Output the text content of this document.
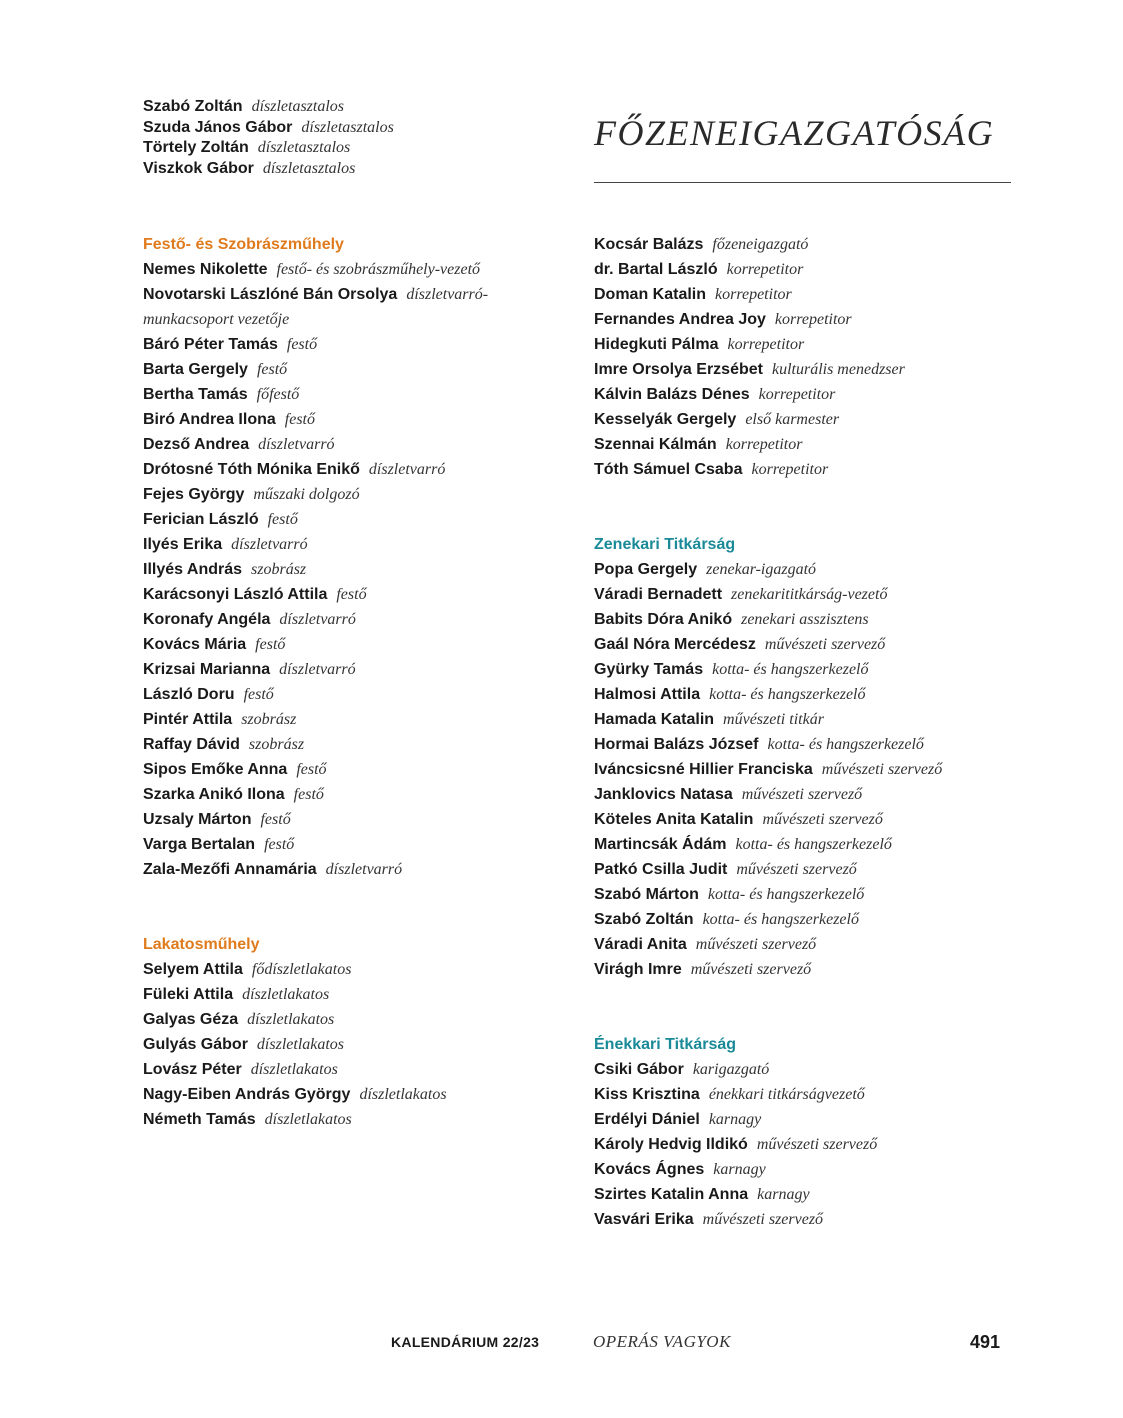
Szabó Zoltán díszletasztalos
Szuda János Gábor díszletasztalos
Törtely Zoltán díszletasztalos
Viszkok Gábor díszletasztalos
Festő- és Szobrászműhely
Nemes Nikolette festő- és szobrászműhely-vezető
Novotarski Lászlóné Bán Orsolya díszletvarró-munkacsoport vezetője
Báró Péter Tamás festő
Barta Gergely festő
Bertha Tamás főfestő
Biró Andrea Ilona festő
Dezső Andrea díszletvarró
Drótosné Tóth Mónika Enikő díszletvarró
Fejes György műszaki dolgozó
Ferician László festő
Ilyés Erika díszletvarró
Illyés András szobrász
Karácsonyi László Attila festő
Koronafy Angéla díszletvarró
Kovács Mária festő
Krizsai Marianna díszletvarró
László Doru festő
Pintér Attila szobrász
Raffay Dávid szobrász
Sipos Emőke Anna festő
Szarka Anikó Ilona festő
Uzsaly Márton festő
Varga Bertalan festő
Zala-Mezőfi Annamária díszletvarró
Lakatosműhely
Selyem Attila fődíszletlakatos
Füleki Attila díszletlakatos
Galyas Géza díszletlakatos
Gulyás Gábor díszletlakatos
Lovász Péter díszletlakatos
Nagy-Eiben András György díszletlakatos
Németh Tamás díszletlakatos
FŐZENEIGAZGATÓSÁG
Kocsár Balázs főzeneigazgató
dr. Bartal László korrepetitor
Doman Katalin korrepetitor
Fernandes Andrea Joy korrepetitor
Hidegkuti Pálma korrepetitor
Imre Orsolya Erzsébet kulturális menedzser
Kálvin Balázs Dénes korrepetitor
Kesselyák Gergely első karmester
Szennai Kálmán korrepetitor
Tóth Sámuel Csaba korrepetitor
Zenekari Titkárság
Popa Gergely zenekar-igazgató
Váradi Bernadett zenekarititkárság-vezető
Babits Dóra Anikó zenekari asszisztens
Gaál Nóra Mercédesz művészeti szervező
Gyürky Tamás kotta- és hangszerkezelő
Halmosi Attila kotta- és hangszerkezelő
Hamada Katalin művészeti titkár
Hormai Balázs József kotta- és hangszerkezelő
Iváncsicsné Hillier Franciska művészeti szervező
Janklovics Natasa művészeti szervező
Köteles Anita Katalin művészeti szervező
Martincsák Ádám kotta- és hangszerkezelő
Patkó Csilla Judit művészeti szervező
Szabó Márton kotta- és hangszerkezelő
Szabó Zoltán kotta- és hangszerkezelő
Váradi Anita művészeti szervező
Virágh Imre művészeti szervező
Énekkari Titkárság
Csiki Gábor karigazgató
Kiss Krisztina énekkari titkárságvezető
Erdélyi Dániel karnagy
Károly Hedvig Ildikó művészeti szervező
Kovács Ágnes karnagy
Szirtes Katalin Anna karnagy
Vasvári Erika művészeti szervező
KALENDÁRIUM 22/23	OPERÁS VAGYOK	491
